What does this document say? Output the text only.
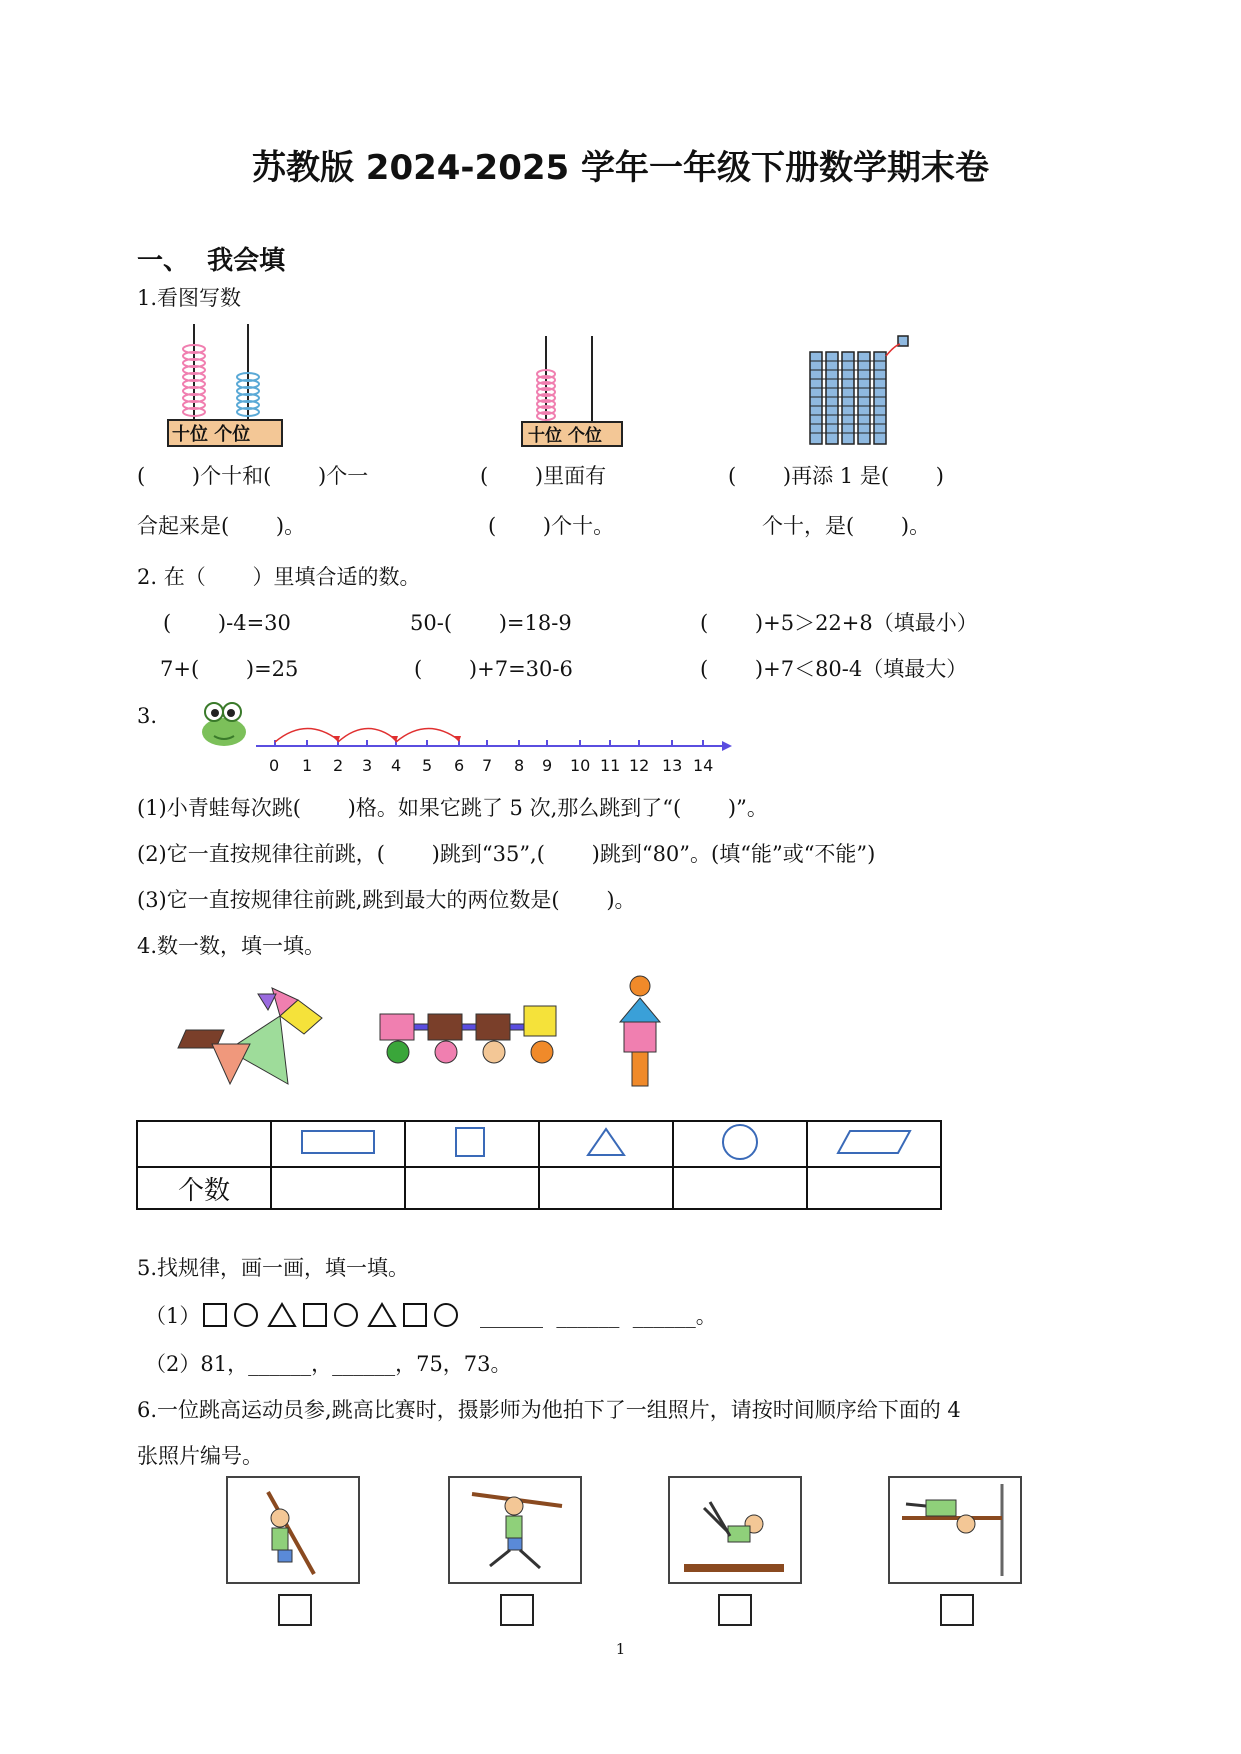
苏教版 2024-2025 学年一年级下册数学期末卷
一、  我会填
1.看图写数
十位 个位	十位 个位
(       )个十和(       )个一
合起来是(       )。
(       )里面有
(       )个十。
(       )再添 1 是(       )
个十，是(       )。
2. 在（       ）里填合适的数。
(       )-4=30	50-(       )=18-9	(       )+5＞22+8（填最小）
7+(       )=25	(       )+7=30-6	(       )+7＜80-4（填最大）
3.
0 1 2 3 4 5 6 7 8 9 10 11 12 13 14
(1)小青蛙每次跳(       )格。如果它跳了 5 次,那么跳到了“(       )”。
(2)它一直按规律往前跳，(       )跳到“35”,(       )跳到“80”。(填“能”或“不能”)
(3)它一直按规律往前跳,跳到最大的两位数是(       )。
4.数一数，填一填。

个数					
5.找规律，画一画，填一填。
（1）	______  ______  ______。
（2）81，______，______，75，73。
6.一位跳高运动员参,跳高比赛时，摄影师为他拍下了一组照片，请按时间顺序给下面的 4
张照片编号。
1
